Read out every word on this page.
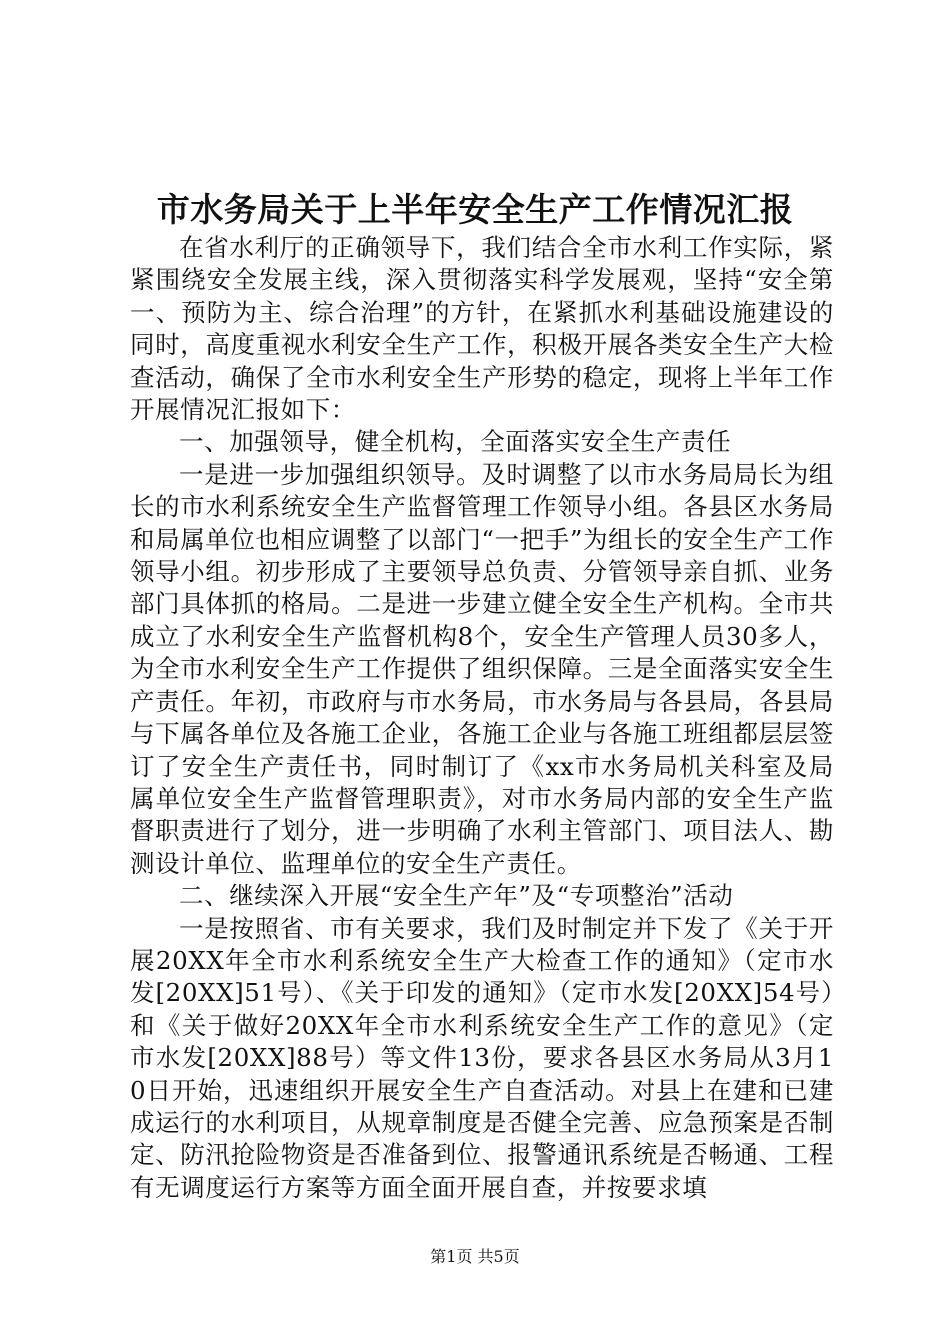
市水务局关于上半年安全生产工作情况汇报

在省水利厅的正确领导下，我们结合全市水利工作实际，紧紧围绕安全发展主线，深入贯彻落实科学发展观，坚持“安全第一、预防为主、综合治理”的方针，在紧抓水利基础设施建设的同时，高度重视水利安全生产工作，积极开展各类安全生产大检查活动，确保了全市水利安全生产形势的稳定，现将上半年工作开展情况汇报如下：

一、加强领导，健全机构，全面落实安全生产责任

一是进一步加强组织领导。及时调整了以市水务局局长为组长的市水利系统安全生产监督管理工作领导小组。各县区水务局和局属单位也相应调整了以部门“一把手”为组长的安全生产工作领导小组。初步形成了主要领导总负责、分管领导亲自抓、业务部门具体抓的格局。二是进一步建立健全安全生产机构。全市共成立了水利安全生产监督机构8个，安全生产管理人员30多人，为全市水利安全生产工作提供了组织保障。三是全面落实安全生产责任。年初，市政府与市水务局，市水务局与各县局，各县局与下属各单位及各施工企业，各施工企业与各施工班组都层层签订了安全生产责任书，同时制订了《xx市水务局机关科室及局属单位安全生产监督管理职责》，对市水务局内部的安全生产监督职责进行了划分，进一步明确了水利主管部门、项目法人、勘测设计单位、监理单位的安全生产责任。

二、继续深入开展“安全生产年”及“专项整治”活动

一是按照省、市有关要求，我们及时制定并下发了《关于开展20XX年全市水利系统安全生产大检查工作的通知》（定市水发[20XX]51号）、《关于印发的通知》（定市水发[20XX]54号）和《关于做好20XX年全市水利系统安全生产工作的意见》（定市水发[20XX]88号）等文件13份，要求各县区水务局从3月10日开始，迅速组织开展安全生产自查活动。对县上在建和已建成运行的水利项目，从规章制度是否健全完善、应急预案是否制定、防汛抢险物资是否准备到位、报警通讯系统是否畅通、工程有无调度运行方案等方面全面开展自查，并按要求填

第1页 共5页
